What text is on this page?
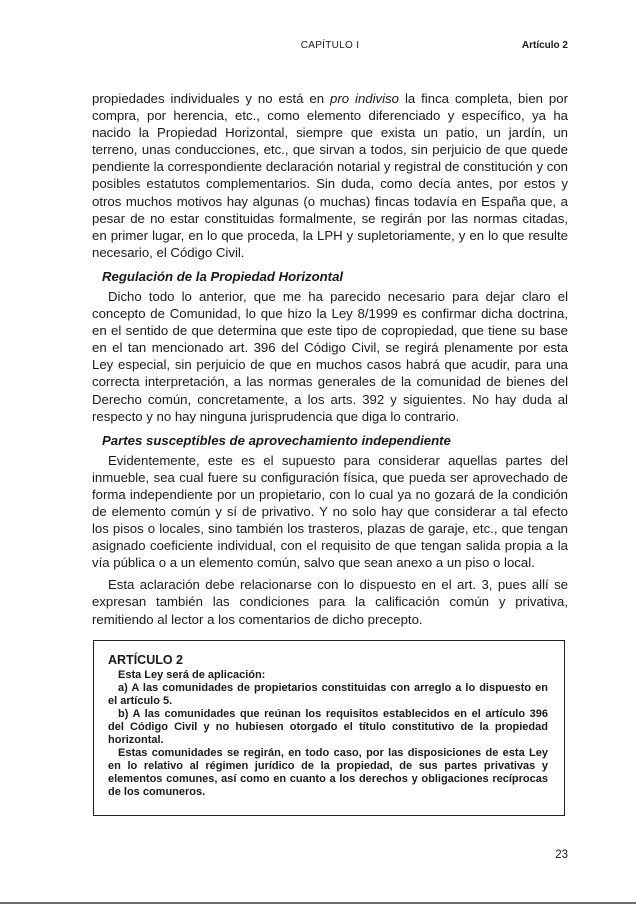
CAPÍTULO I	Artículo 2

propiedades individuales y no está en pro indiviso la finca completa, bien por compra, por herencia, etc., como elemento diferenciado y específico, ya ha nacido la Propiedad Horizontal, siempre que exista un patio, un jardín, un terreno, unas conducciones, etc., que sirvan a todos, sin perjuicio de que quede pendiente la correspondiente declaración notarial y registral de constitución y con posibles estatutos complementarios. Sin duda, como decía antes, por estos y otros muchos motivos hay algunas (o muchas) fincas todavía en España que, a pesar de no estar constituidas formalmente, se regirán por las normas citadas, en primer lugar, en lo que proceda, la LPH y supletoriamente, y en lo que resulte necesario, el Código Civil.

Regulación de la Propiedad Horizontal

Dicho todo lo anterior, que me ha parecido necesario para dejar claro el concepto de Comunidad, lo que hizo la Ley 8/1999 es confirmar dicha doctrina, en el sentido de que determina que este tipo de copropiedad, que tiene su base en el tan mencionado art. 396 del Código Civil, se regirá plenamente por esta Ley especial, sin perjuicio de que en muchos casos habrá que acudir, para una correcta interpretación, a las normas generales de la comunidad de bienes del Derecho común, concretamente, a los arts. 392 y siguientes. No hay duda al respecto y no hay ninguna jurisprudencia que diga lo contrario.

Partes susceptibles de aprovechamiento independiente

Evidentemente, este es el supuesto para considerar aquellas partes del inmueble, sea cual fuere su configuración física, que pueda ser aprovechado de forma independiente por un propietario, con lo cual ya no gozará de la condición de elemento común y sí de privativo. Y no solo hay que considerar a tal efecto los pisos o locales, sino también los trasteros, plazas de garaje, etc., que tengan asignado coeficiente individual, con el requisito de que tengan salida propia a la vía pública o a un elemento común, salvo que sean anexo a un piso o local.

Esta aclaración debe relacionarse con lo dispuesto en el art. 3, pues allí se expresan también las condiciones para la calificación común y privativa, remitiendo al lector a los comentarios de dicho precepto.

ARTÍCULO 2

Esta Ley será de aplicación:

a) A las comunidades de propietarios constituidas con arreglo a lo dispuesto en el artículo 5.

b) A las comunidades que reúnan los requisitos establecidos en el artículo 396 del Código Civil y no hubiesen otorgado el título constitutivo de la propiedad horizontal.

Estas comunidades se regirán, en todo caso, por las disposiciones de esta Ley en lo relativo al régimen jurídico de la propiedad, de sus partes privativas y elementos comunes, así como en cuanto a los derechos y obligaciones recíprocas de los comuneros.

23
